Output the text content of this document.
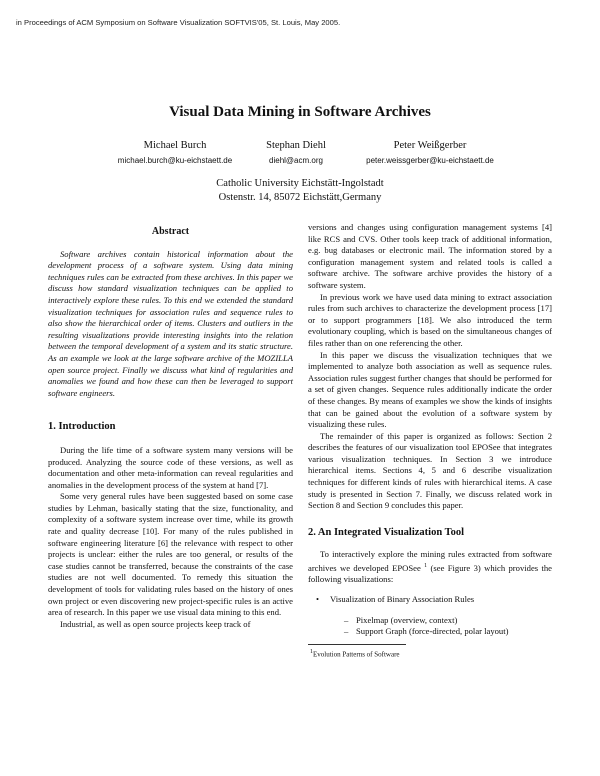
in Proceedings of ACM Symposium on Software Visualization SOFTVIS'05, St. Louis, May 2005.
Visual Data Mining in Software Archives
Michael Burch
michael.burch@ku-eichstaett.de
Stephan Diehl
diehl@acm.org
Peter Weißgerber
peter.weissgerber@ku-eichstaett.de
Catholic University Eichstätt-Ingolstadt
Ostenstr. 14, 85072 Eichstätt,Germany
Abstract

Software archives contain historical information about the development process of a software system. Using data mining techniques rules can be extracted from these archives. In this paper we discuss how standard visualization techniques can be applied to interactively explore these rules. To this end we extended the standard visualization techniques for association rules and sequence rules to also show the hierarchical order of items. Clusters and outliers in the resulting visualizations provide interesting insights into the relation between the temporal development of a system and its static structure. As an example we look at the large software archive of the MOZILLA open source project. Finally we discuss what kind of regularities and anomalies we found and how these can then be leveraged to support software engineers.

1. Introduction

During the life time of a software system many versions will be produced. Analyzing the source code of these versions, as well as documentation and other meta-information can reveal regularities and anomalies in the development process of the system at hand [7].

Some very general rules have been suggested based on some case studies by Lehman, basically stating that the size, functionality, and complexity of a software system increase over time, while its growth rate and quality decrease [10]. For many of the rules published in software engineering literature [6] the relevance with respect to other projects is unclear: either the rules are too general, or results of the case studies cannot be transferred, because the constraints of the case studies are not well documented. To remedy this situation the development of tools for validating rules based on the history of ones own project or even discovering new project-specific rules is an active area of research. In this paper we use visual data mining to this end.

Industrial, as well as open source projects keep track of

versions and changes using configuration management systems [4] like RCS and CVS. Other tools keep track of additional information, e.g. bug databases or electronic mail. The information stored by a configuration management system and related tools is called a software archive. The software archive provides the history of a software system.

In previous work we have used data mining to extract association rules from such archives to characterize the development process [17] or to support programmers [18]. We also introduced the term evolutionary coupling, which is based on the simultaneous changes of files rather than on one referencing the other.

In this paper we discuss the visualization techniques that we implemented to analyze both association as well as sequence rules. Association rules suggest further changes that should be performed for a set of given changes. Sequence rules additionally indicate the order of these changes. By means of examples we show the kinds of insights that can be gained about the evolution of a software system by visualizing these rules.

The remainder of this paper is organized as follows: Section 2 describes the features of our visualization tool EPOSee that integrates various visualization techniques. In Section 3 we introduce hierarchical items. Sections 4, 5 and 6 describe visualization techniques for different kinds of rules with hierarchical items. A case study is presented in Section 7. Finally, we discuss related work in Section 8 and Section 9 concludes this paper.

2. An Integrated Visualization Tool

To interactively explore the mining rules extracted from software archives we developed EPOSee $^1$ (see Figure 3) which provides the following visualizations:

• Visualization of Binary Association Rules
– Pixelmap (overview, context)
– Support Graph (force-directed, polar layout)
$^1$Evolution Patterns of Software
